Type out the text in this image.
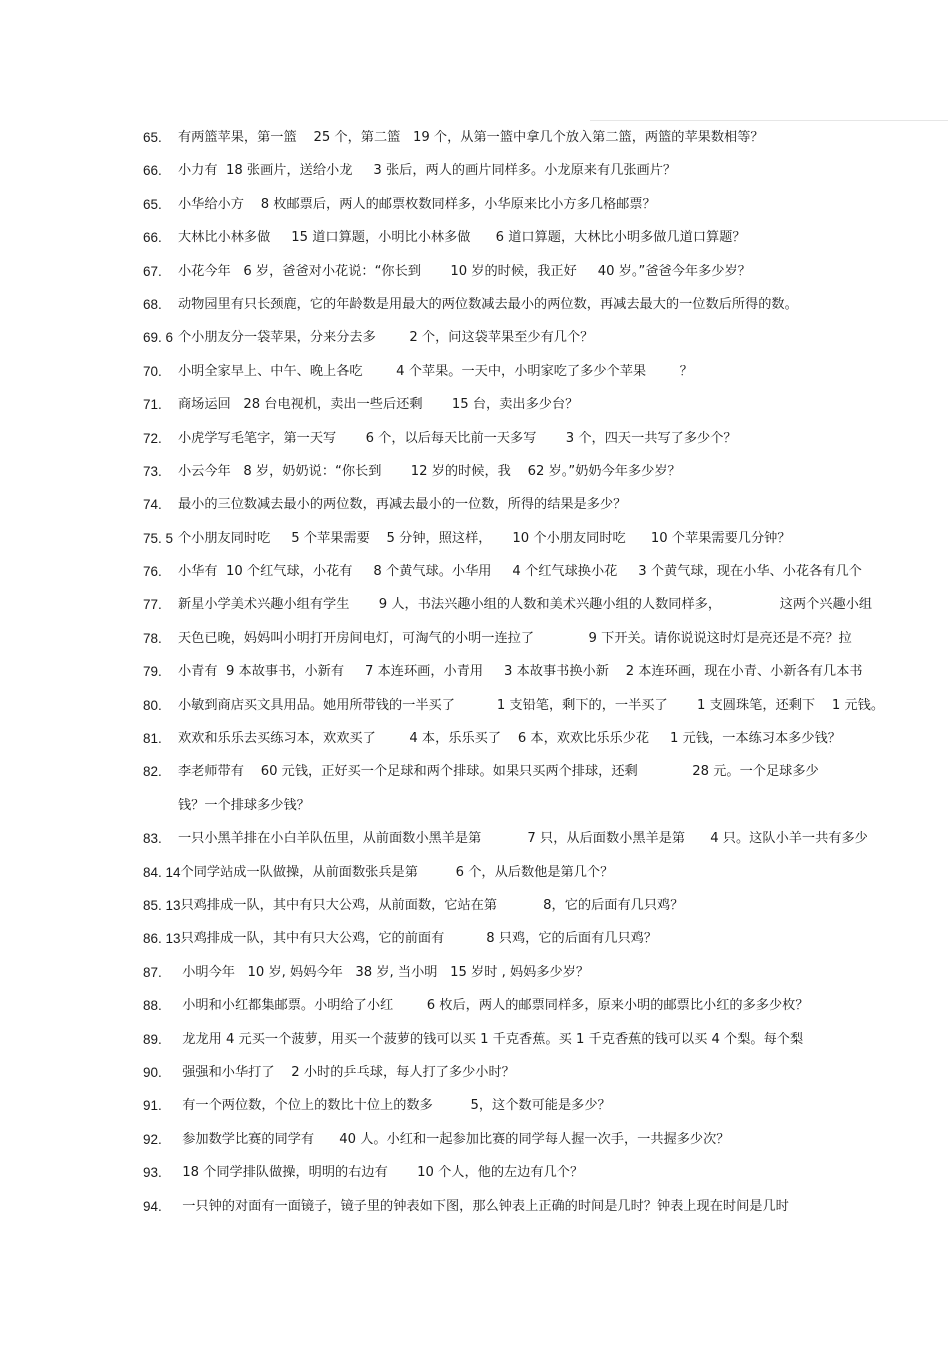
65.	有两篮苹果，第一篮    25 个，第二篮   19 个，从第一篮中拿几个放入第二篮，两篮的苹果数相等？
66.	小力有  18 张画片，送给小龙     3 张后，两人的画片同样多。小龙原来有几张画片？
65.	小华给小方    8 枚邮票后，两人的邮票枚数同样多，小华原来比小方多几格邮票？
66.	大林比小林多做     15 道口算题，小明比小林多做      6 道口算题，大林比小明多做几道口算题？
67.	小花今年   6 岁，爸爸对小花说：“你长到       10 岁的时候，我正好     40 岁。”爸爸今年多少岁？
68.	动物园里有只长颈鹿，它的年龄数是用最大的两位数减去最小的两位数，再减去最大的一位数后所得的数。
69. 6 个小朋友分一袋苹果，分来分去多        2 个，问这袋苹果至少有几个？
70.	小明全家早上、中午、晚上各吃        4 个苹果。一天中，小明家吃了多少个苹果        ？
71.	商场运回   28 台电视机，卖出一些后还剩       15 台，卖出多少台？
72.	小虎学写毛笔字，第一天写       6 个，以后每天比前一天多写       3 个，四天一共写了多少个？
73.	小云今年   8 岁，奶奶说：“你长到       12 岁的时候，我    62 岁。”奶奶今年多少岁？
74.	最小的三位数减去最小的两位数，再减去最小的一位数，所得的结果是多少？
75. 5 个小朋友同时吃     5 个苹果需要    5 分钟，照这样，     10 个小朋友同时吃      10 个苹果需要几分钟？
76.	小华有  10 个红气球，小花有     8 个黄气球。小华用     4 个红气球换小花     3 个黄气球，现在小华、小花各有几个
77.	新星小学美术兴趣小组有学生       9 人，书法兴趣小组的人数和美术兴趣小组的人数同样多，              这两个兴趣小组
78.	天色已晚，妈妈叫小明打开房间电灯，可淘气的小明一连拉了             9 下开关。请你说说这时灯是亮还是不亮？拉
79.	小青有  9 本故事书，小新有     7 本连环画，小青用     3 本故事书换小新    2 本连环画，现在小青、小新各有几本书
80.	小敏到商店买文具用品。她用所带钱的一半买了          1 支铅笔，剩下的，一半买了       1 支圆珠笔，还剩下    1 元钱。
81.	欢欢和乐乐去买练习本，欢欢买了        4 本，乐乐买了    6 本，欢欢比乐乐少花     1 元钱，一本练习本多少钱？
82.	李老师带有    60 元钱，正好买一个足球和两个排球。如果只买两个排球，还剩             28 元。一个足球多少
钱？一个排球多少钱？
83.	一只小黑羊排在小白羊队伍里，从前面数小黑羊是第           7 只，从后面数小黑羊是第      4 只。这队小羊一共有多少
84. 14 个同学站成一队做操，从前面数张兵是第         6 个，从后数他是第几个？
85. 13 只鸡排成一队，其中有只大公鸡，从前面数，它站在第           8，它的后面有几只鸡？
86. 13 只鸡排成一队，其中有只大公鸡，它的前面有          8 只鸡，它的后面有几只鸡？
87.	小明今年   10 岁, 妈妈今年   38 岁, 当小明   15 岁时 , 妈妈多少岁？
88.	小明和小红都集邮票。小明给了小红        6 枚后，两人的邮票同样多，原来小明的邮票比小红的多多少枚？
89.	龙龙用 4 元买一个菠萝，用买一个菠萝的钱可以买 1 千克香蕉。买 1 千克香蕉的钱可以买 4 个梨。每个梨
90.	强强和小华打了    2 小时的乒乓球，每人打了多少小时？
91.	有一个两位数，个位上的数比十位上的数多         5，这个数可能是多少？
92.	参加数学比赛的同学有      40 人。小红和一起参加比赛的同学每人握一次手，一共握多少次？
93.	18 个同学排队做操，明明的右边有       10 个人，他的左边有几个？
94.	一只钟的对面有一面镜子，镜子里的钟表如下图，那么钟表上正确的时间是几时？钟表上现在时间是几时
